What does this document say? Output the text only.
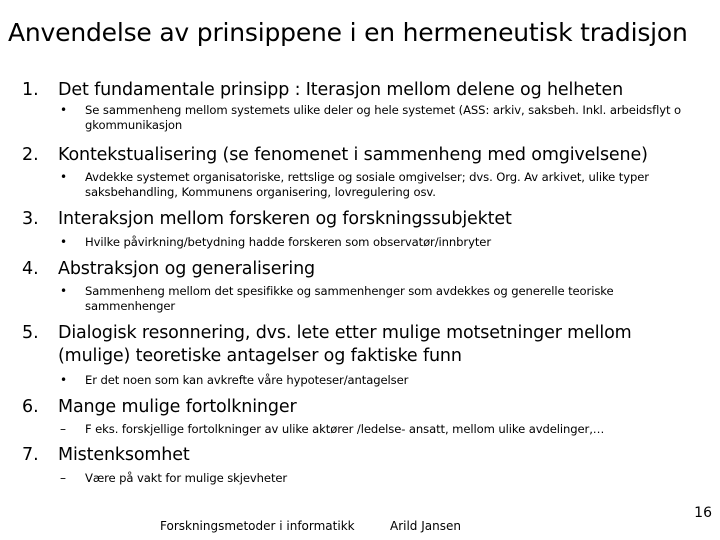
Anvendelse av prinsippene i en hermeneutisk tradisjon
1. Det fundamentale prinsipp : Iterasjon mellom delene og helheten
• Se sammenheng mellom systemets ulike deler og hele systemet (ASS: arkiv, saksbeh. Inkl. arbeidsflyt o gkommunikasjon
2. Kontekstualisering (se fenomenet i sammenheng med omgivelsene)
• Avdekke systemet organisatoriske, rettslige og sosiale omgivelser; dvs. Org. Av arkivet, ulike typer saksbehandling, Kommunens organisering, lovregulering osv.
3. Interaksjon mellom forskeren og forskningssubjektet
• Hvilke påvirkning/betydning hadde forskeren som observatør/innbryter
4. Abstraksjon og generalisering
• Sammenheng mellom det spesifikke og sammenhenger som avdekkes og generelle teoriske sammenhenger
5. Dialogisk resonnering, dvs. lete etter mulige motsetninger mellom (mulige) teoretiske antagelser og faktiske funn
• Er det noen som kan avkrefte våre hypoteser/antagelser
6. Mange mulige fortolkninger
– F eks. forskjellige fortolkninger av ulike aktører /ledelse- ansatt, mellom ulike avdelinger,…
7. Mistenksomhet
– Være på vakt for mulige skjevheter
Forskningsmetoder i informatikk	Arild Jansen
16
